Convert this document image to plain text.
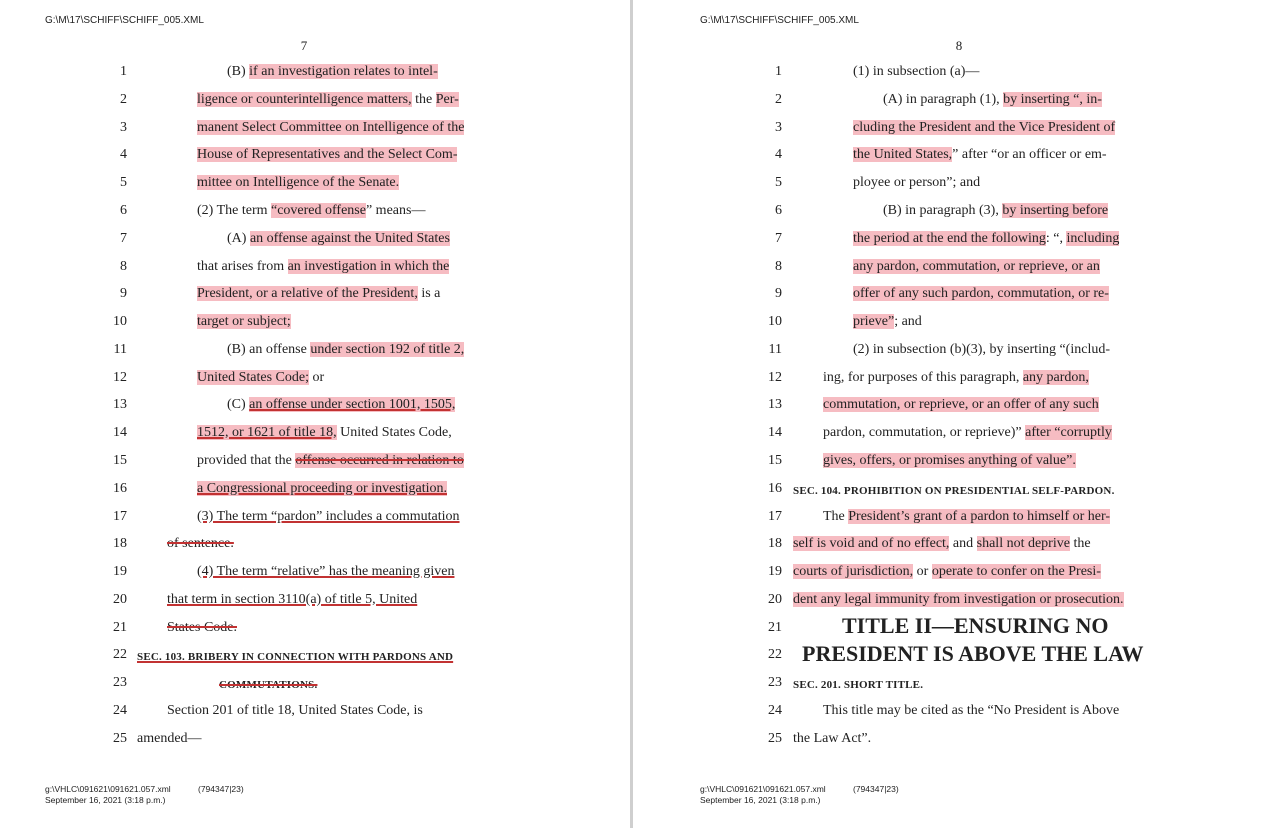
G:\M\17\SCHIFF\SCHIFF_005.XML
7
1
2
3
4
5
6
7
8
9
10
11
12
13
14
15
16
17
18
19
20
21
22
23
24
25
(B) if an investigation relates to intel-
ligence or counterintelligence matters, the Per-
manent Select Committee on Intelligence of the
House of Representatives and the Select Com-
mittee on Intelligence of the Senate.
(2) The term “covered offense” means—
(A) an offense against the United States
that arises from an investigation in which the
President, or a relative of the President, is a
target or subject;
(B) an offense under section 192 of title 2,
United States Code; or
(C) an offense under section 1001, 1505,
1512, or 1621 of title 18, United States Code,
provided that the offense occurred in relation to
a Congressional proceeding or investigation.
(3) The term “pardon” includes a commutation
of sentence.
(4) The term “relative” has the meaning given
that term in section 3110(a) of title 5, United
States Code.
SEC. 103. BRIBERY IN CONNECTION WITH PARDONS AND
COMMUTATIONS.
Section 201 of title 18, United States Code, is
amended—
g:\VHLC\091621\091621.057.xml
September 16, 2021 (3:18 p.m.)
(794347|23)
G:\M\17\SCHIFF\SCHIFF_005.XML
8
1
2
3
4
5
6
7
8
9
10
11
12
13
14
15
16
17
18
19
20
21
22
23
24
25
(1) in subsection (a)—
(A) in paragraph (1), by inserting “, in-
cluding the President and the Vice President of
the United States,” after “or an officer or em-
ployee or person”; and
(B) in paragraph (3), by inserting before
the period at the end the following: “, including
any pardon, commutation, or reprieve, or an
offer of any such pardon, commutation, or re-
prieve”; and
(2) in subsection (b)(3), by inserting “(includ-
ing, for purposes of this paragraph, any pardon,
commutation, or reprieve, or an offer of any such
pardon, commutation, or reprieve)” after “corruptly
gives, offers, or promises anything of value”.
SEC. 104. PROHIBITION ON PRESIDENTIAL SELF-PARDON.
The President’s grant of a pardon to himself or her-
self is void and of no effect, and shall not deprive the
courts of jurisdiction, or operate to confer on the Presi-
dent any legal immunity from investigation or prosecution.
TITLE II—ENSURING NO
PRESIDENT IS ABOVE THE LAW
SEC. 201. SHORT TITLE.
This title may be cited as the “No President is Above
the Law Act”.
g:\VHLC\091621\091621.057.xml
September 16, 2021 (3:18 p.m.)
(794347|23)
